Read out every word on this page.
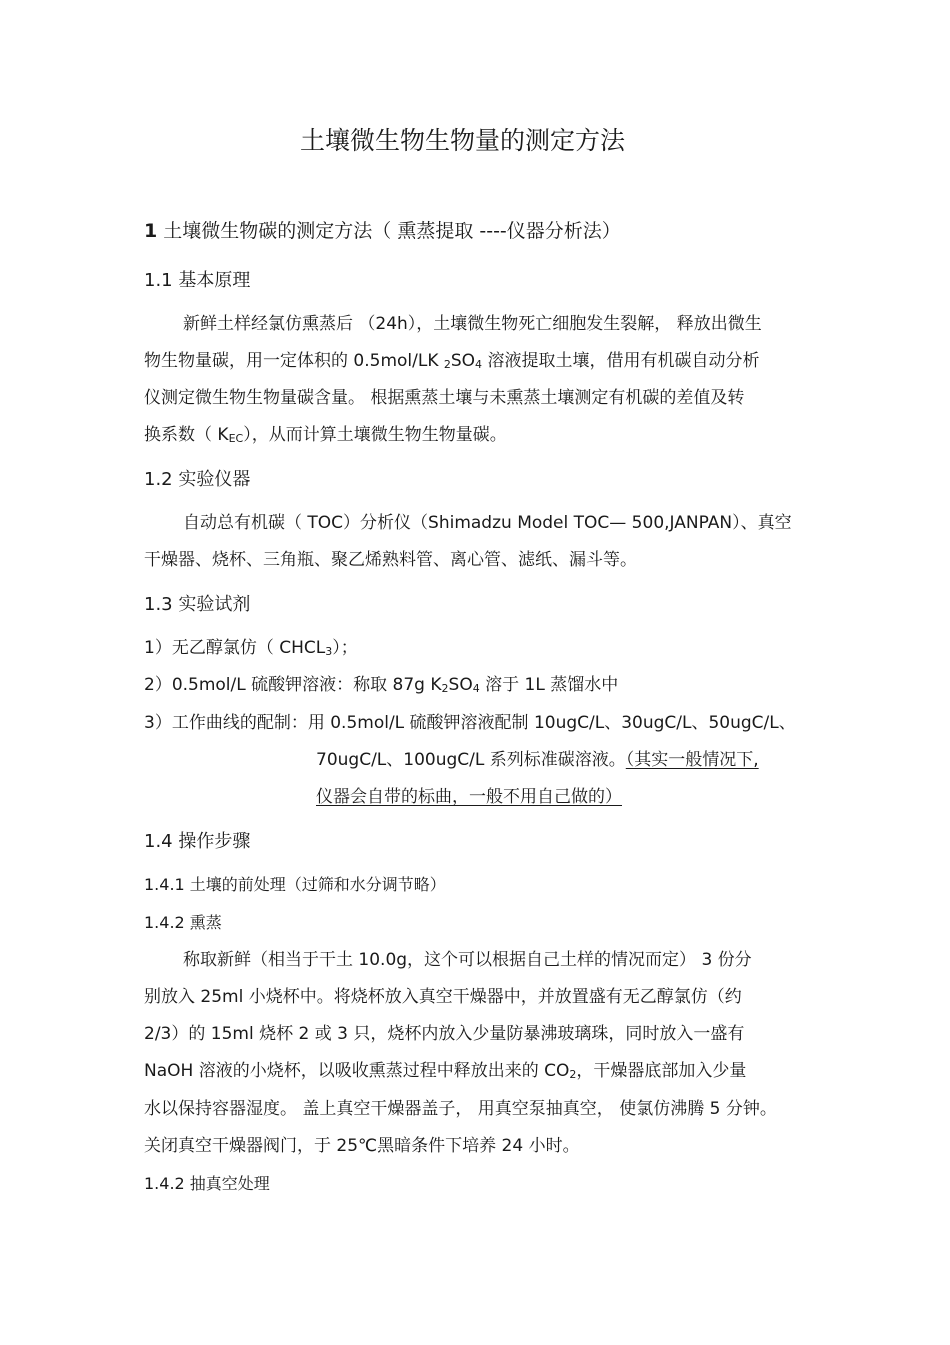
土壤微生物生物量的测定方法
1 土壤微生物碳的测定方法（ 熏蒸提取 ----仪器分析法）
1.1 基本原理
新鲜土样经氯仿熏蒸后 （24h），土壤微生物死亡细胞发生裂解， 释放出微生
物生物量碳，用一定体积的 0.5mol/LK $_2SO_4$ 溶液提取土壤，借用有机碳自动分析
仪测定微生物生物量碳含量。 根据熏蒸土壤与未熏蒸土壤测定有机碳的差值及转
换系数（ $K_{EC}$），从而计算土壤微生物生物量碳。
1.2 实验仪器
自动总有机碳（ TOC）分析仪（Shimadzu Model TOC— 500,JANPAN）、真空
干燥器、烧杯、三角瓶、聚乙烯熟料管、离心管、滤纸、漏斗等。
1.3 实验试剂
1）无乙醇氯仿（ $CHCL_3$）；
2）0.5mol/L 硫酸钾溶液：称取 87g $K_2SO_4$ 溶于 1L 蒸馏水中
3）工作曲线的配制：用 0.5mol/L 硫酸钾溶液配制 10ugC/L、30ugC/L、50ugC/L、
70ugC/L、100ugC/L 系列标准碳溶液。（其实一般情况下,
仪器会自带的标曲，一般不用自己做的）
1.4 操作步骤
1.4.1 土壤的前处理（过筛和水分调节略）
1.4.2 熏蒸
称取新鲜（相当于干土 10.0g，这个可以根据自己土样的情况而定） 3 份分
别放入 25ml 小烧杯中。将烧杯放入真空干燥器中，并放置盛有无乙醇氯仿（约
2/3）的 15ml 烧杯 2 或 3 只，烧杯内放入少量防暴沸玻璃珠，同时放入一盛有
NaOH 溶液的小烧杯，以吸收熏蒸过程中释放出来的 $CO_2$，干燥器底部加入少量
水以保持容器湿度。 盖上真空干燥器盖子， 用真空泵抽真空， 使氯仿沸腾 5 分钟。
关闭真空干燥器阀门，于 25℃黑暗条件下培养 24 小时。
1.4.2 抽真空处理
